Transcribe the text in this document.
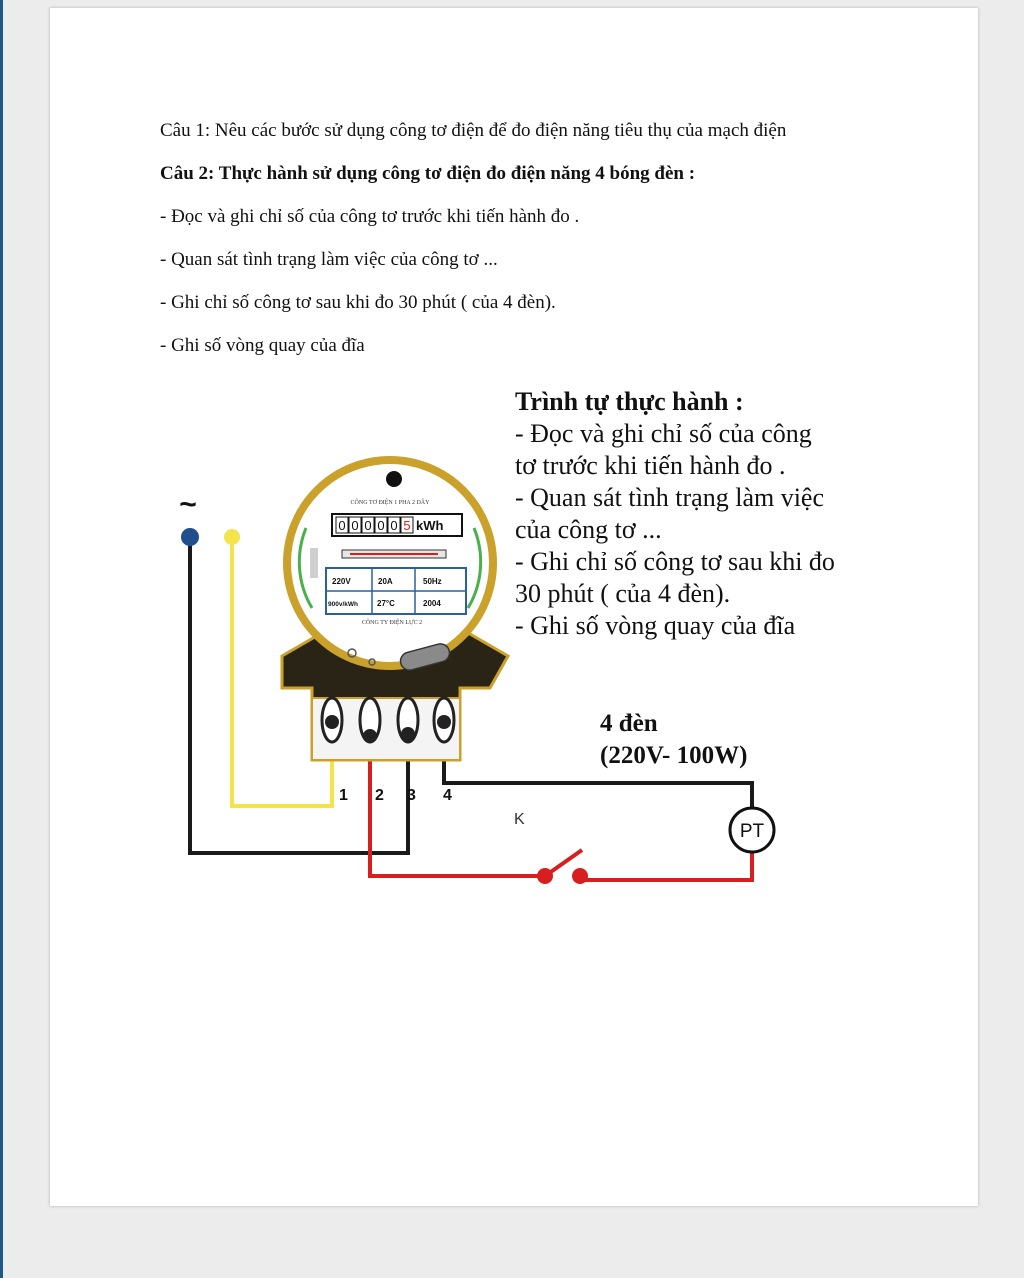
Câu 1: Nêu các bước sử dụng công tơ điện để đo điện năng tiêu thụ của mạch điện

Câu 2: Thực hành sử dụng công tơ điện đo điện năng 4 bóng đèn :

- Đọc và ghi chỉ số của công tơ trước khi tiến hành đo .

- Quan sát tình trạng làm việc của công tơ ...

- Ghi chỉ số công tơ sau khi đo 30 phút ( của 4 đèn).

- Ghi số vòng quay của đĩa

PT
~
1 2 3 4
CÔNG TƠ ĐIỆN 1 PHA 2 DÂY
0 0 0 0 0 5 kWh
220V	20A	50Hz
900v/kWh 27°C	2004
CÔNG TY ĐIỆN LỰC 2
K
Trình tự thực hành :
- Đọc và ghi chỉ số của công
tơ trước khi tiến hành đo .
- Quan sát tình trạng làm việc
của công tơ ...
- Ghi chỉ số công tơ sau khi đo
30 phút ( của 4 đèn).
- Ghi số vòng quay của đĩa
4 đèn
(220V- 100W)
